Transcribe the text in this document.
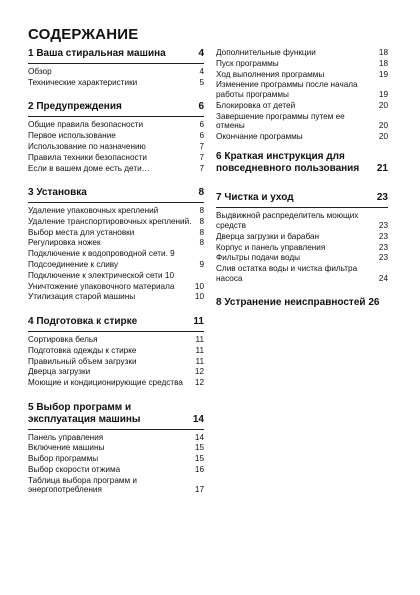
СОДЕРЖАНИЕ
1 Ваша стиральная машина	4
Обзор	4
Технические характеристики	5
2 Предупреждения	6
Общие правила безопасности	6
Первое использование	6
Использование по назначению	7
Правила техники безопасности	7
Если в вашем доме есть дети…	7
3 Установка	8
Удаление упаковочных креплений	8
Удаление транспортировочных креплений. 8
Выбор места для установки	8
Регулировка ножек	8
Подключение к водопроводной сети. 9
Подсоединение к сливу	9
Подключение к электрической сети 10
Уничтожение упаковочного материала	10
Утилизация старой машины	10
4 Подготовка к стирке	11
Сортировка белья	11
Подготовка одежды к стирке	11
Правильный объем загрузки	11
Дверца загрузки	12
Моющие и кондиционирующие средства	12
5 Выбор программ и эксплуатация машины	14
Панель управления	14
Включение машины	15
Выбор программы	15
Выбор скорости отжима	16
Таблица выбора программ и энергопотребления	17
Дополнительные функции	18
Пуск программы	18
Ход выполнения программы	19
Изменение программы после начала работы программы	19
Блокировка от детей	20
Завершение программы путем ее отмены	20
Окончание программы	20
6 Краткая инструкция для повседневного пользования	21
7 Чистка и уход	23
Выдвижной распределитель моющих средств	23
Дверца загрузки и барабан	23
Корпус и панель управления	23
Фильтры подачи воды	23
Слив остатка воды и чистка фильтра насоса	24
8 Устранение неисправностей 26
